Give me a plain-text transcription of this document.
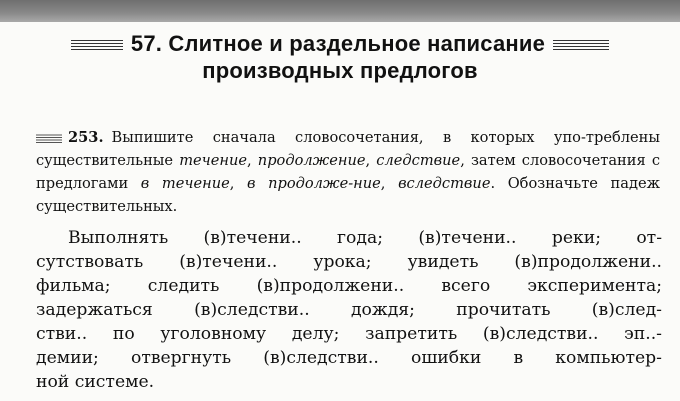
57. Слитное и раздельное написание
производных предлогов
253. Выпишите сначала словосочетания, в которых упо-треблены существительные течение, продолжение, следствие, затем словосочетания с предлогами в течение, в продолже-ние, вследствие. Обозначьте падеж существительных.
Выполнять (в)течени.. года; (в)течени.. реки; от-
сутствовать (в)течени.. урока; увидеть (в)продолжени..
фильма; следить (в)продолжени.. всего эксперимента;
задержаться (в)следстви.. дождя; прочитать (в)след-
стви.. по уголовному делу; запретить (в)следстви.. эп..-
демии; отвергнуть (в)следстви.. ошибки в компьютер-
ной системе.
